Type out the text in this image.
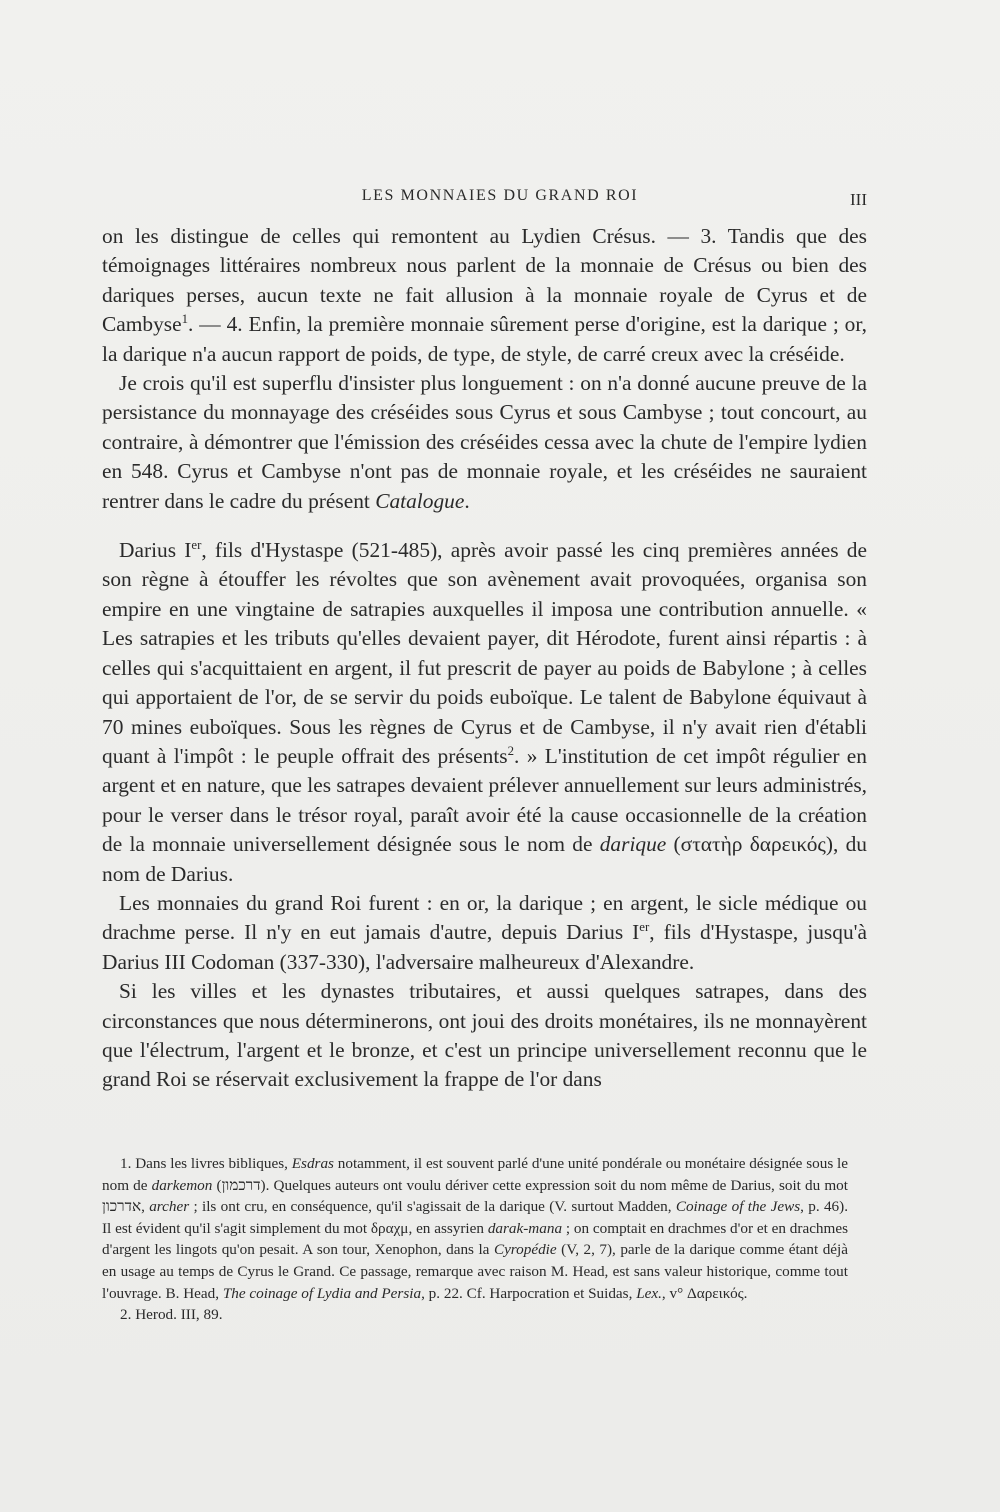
LES MONNAIES DU GRAND ROI	III

on les distingue de celles qui remontent au Lydien Crésus. — 3. Tandis que des témoignages littéraires nombreux nous parlent de la monnaie de Crésus ou bien des dariques perses, aucun texte ne fait allusion à la monnaie royale de Cyrus et de Cambyse$^1$. — 4. Enfin, la première monnaie sûrement perse d'origine, est la darique ; or, la darique n'a aucun rapport de poids, de type, de style, de carré creux avec la créséide.

Je crois qu'il est superflu d'insister plus longuement : on n'a donné aucune preuve de la persistance du monnayage des créséides sous Cyrus et sous Cambyse ; tout concourt, au contraire, à démontrer que l'émission des créséides cessa avec la chute de l'empire lydien en 548. Cyrus et Cambyse n'ont pas de monnaie royale, et les créséides ne sauraient rentrer dans le cadre du présent Catalogue.

Darius Ier, fils d'Hystaspe (521-485), après avoir passé les cinq premières années de son règne à étouffer les révoltes que son avènement avait provoquées, organisa son empire en une vingtaine de satrapies auxquelles il imposa une contribution annuelle. « Les satrapies et les tributs qu'elles devaient payer, dit Hérodote, furent ainsi répartis : à celles qui s'acquittaient en argent, il fut prescrit de payer au poids de Babylone ; à celles qui apportaient de l'or, de se servir du poids euboïque. Le talent de Babylone équivaut à 70 mines euboïques. Sous les règnes de Cyrus et de Cambyse, il n'y avait rien d'établi quant à l'impôt : le peuple offrait des présents$^2$. » L'institution de cet impôt régulier en argent et en nature, que les satrapes devaient prélever annuellement sur leurs administrés, pour le verser dans le trésor royal, paraît avoir été la cause occasionnelle de la création de la monnaie universellement désignée sous le nom de darique (στατὴρ δαρεικός), du nom de Darius.

Les monnaies du grand Roi furent : en or, la darique ; en argent, le sicle médique ou drachme perse. Il n'y en eut jamais d'autre, depuis Darius Ier, fils d'Hystaspe, jusqu'à Darius III Codoman (337-330), l'adversaire malheureux d'Alexandre.

Si les villes et les dynastes tributaires, et aussi quelques satrapes, dans des circonstances que nous déterminerons, ont joui des droits monétaires, ils ne monnayèrent que l'électrum, l'argent et le bronze, et c'est un principe universellement reconnu que le grand Roi se réservait exclusivement la frappe de l'or dans

1. Dans les livres bibliques, Esdras notamment, il est souvent parlé d'une unité pondérale ou monétaire désignée sous le nom de darkemon (דרכמון). Quelques auteurs ont voulu dériver cette expression soit du nom même de Darius, soit du mot אדרכון, archer ; ils ont cru, en conséquence, qu'il s'agissait de la darique (V. surtout Madden, Coinage of the Jews, p. 46). Il est évident qu'il s'agit simplement du mot δραχμ, en assyrien darak-mana ; on comptait en drachmes d'or et en drachmes d'argent les lingots qu'on pesait. A son tour, Xenophon, dans la Cyropédie (V, 2, 7), parle de la darique comme étant déjà en usage au temps de Cyrus le Grand. Ce passage, remarque avec raison M. Head, est sans valeur historique, comme tout l'ouvrage. B. Head, The coinage of Lydia and Persia, p. 22. Cf. Harpocration et Suidas, Lex., v° Δαρεικός.

2. Herod. III, 89.
